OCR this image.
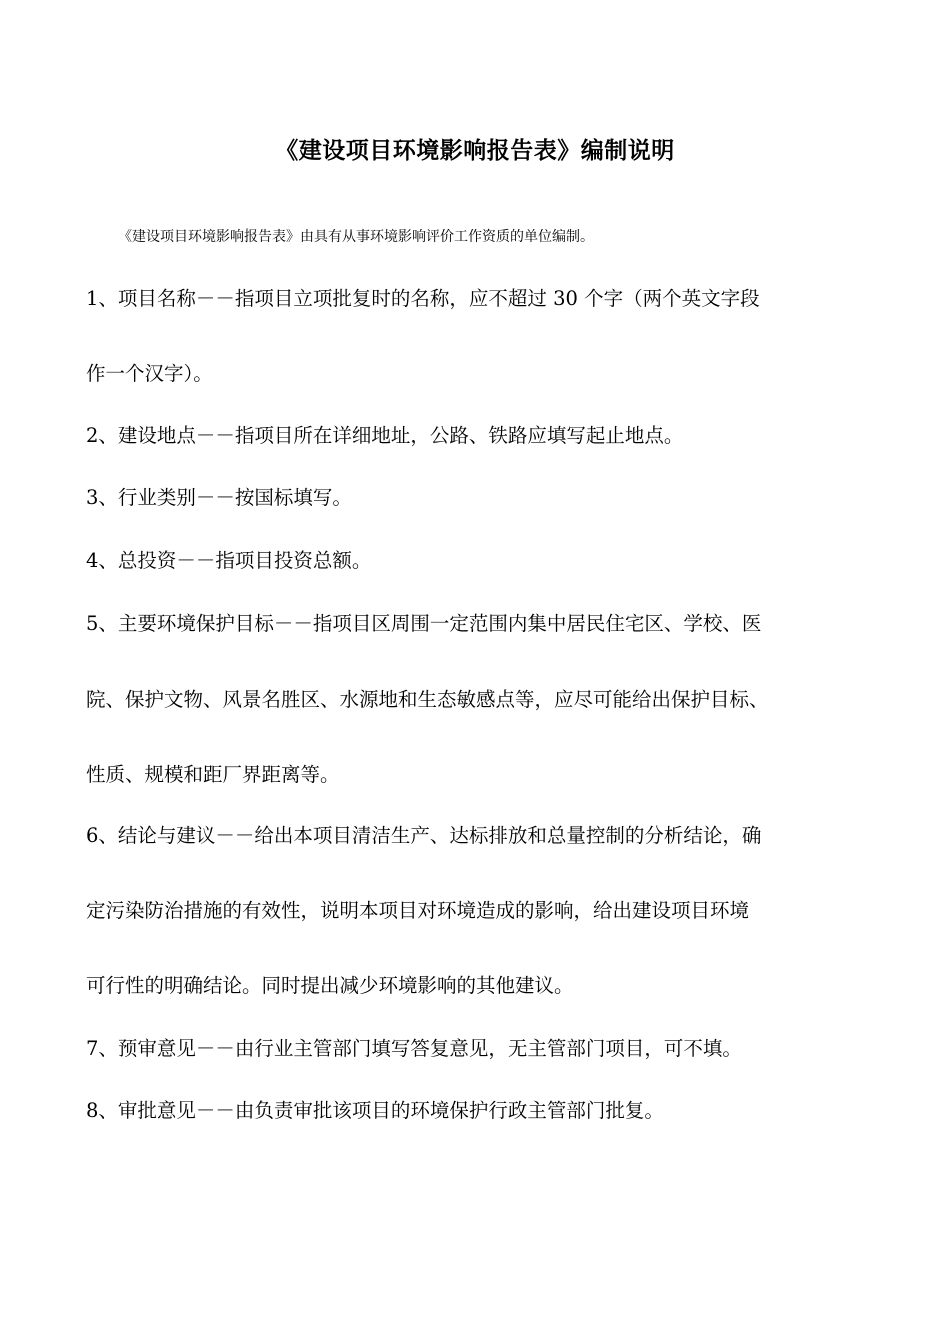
《建设项目环境影响报告表》编制说明
《建设项目环境影响报告表》由具有从事环境影响评价工作资质的单位编制。
1、项目名称－－指项目立项批复时的名称，应不超过 30 个字（两个英文字段
作一个汉字）。
2、建设地点－－指项目所在详细地址，公路、铁路应填写起止地点。
3、行业类别－－按国标填写。
4、总投资－－指项目投资总额。
5、主要环境保护目标－－指项目区周围一定范围内集中居民住宅区、学校、医
院、保护文物、风景名胜区、水源地和生态敏感点等，应尽可能给出保护目标、
性质、规模和距厂界距离等。
6、结论与建议－－给出本项目清洁生产、达标排放和总量控制的分析结论，确
定污染防治措施的有效性，说明本项目对环境造成的影响，给出建设项目环境
可行性的明确结论。同时提出减少环境影响的其他建议。
7、预审意见－－由行业主管部门填写答复意见，无主管部门项目，可不填。
8、审批意见－－由负责审批该项目的环境保护行政主管部门批复。
